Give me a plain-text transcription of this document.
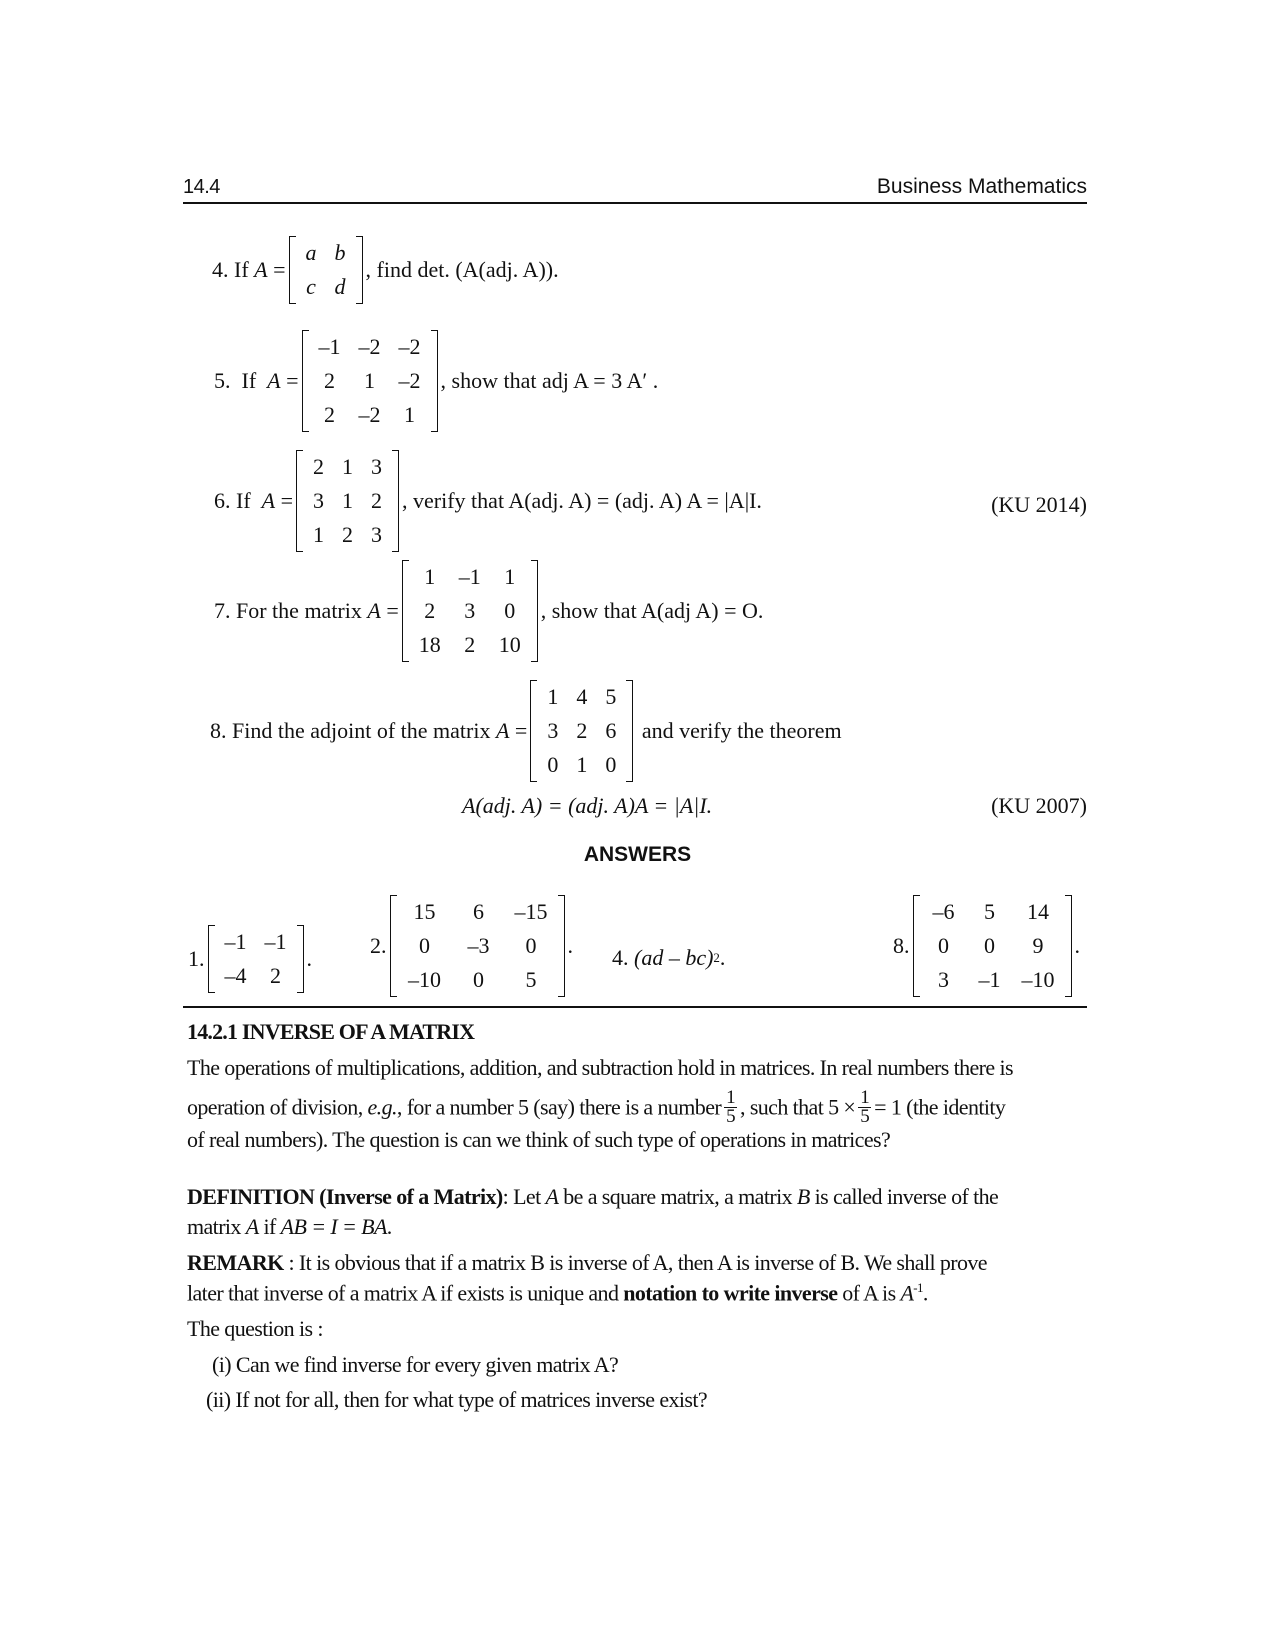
14.4	Business Mathematics
4.
If
A
=
a	b
c	d
, find det. (A(adj. A)).
5.
If
A
=
–1	–2	–2
2	1	–2
2	–2	1
, show that adj A = 3 A′ .
6.
If
A
=
2	1	3
3	1	2
1	2	3
, verify that A(adj. A) = (adj. A) A = |A|I.	(KU 2014)
7.
For the matrix
A
=
1	–1	1
2	3	0
18	2	10
, show that A(adj A) = O.
8.
Find the adjoint of the matrix
A
=
1	4	5
3	2	6
0	1	0

and verify the theorem
A(adj. A) = (adj. A)A = |A|I.	(KU 2007)
ANSWERS
1.
–1	–1
–4	2
.
2.
15	6	–15
0	–3	0
–10	0	5
. 4.
(ad – bc) 2 .	8.
–6	5	14
0	0	9
3	–1	–10
.
14.2.1 INVERSE OF A MATRIX
The operations of multiplications, addition, and subtraction hold in matrices. In real numbers there is
operation of division, e.g., for a number 5 (say) there is a number $\frac{1}{5}$ , such that $5 \times \frac{1}{5} = 1$ (the identity
of real numbers). The question is can we think of such type of operations in matrices?
DEFINITION (Inverse of a Matrix): Let A be a square matrix, a matrix B is called inverse of the
matrix A if AB = I = BA.
REMARK : It is obvious that if a matrix B is inverse of A, then A is inverse of B. We shall prove
later that inverse of a matrix A if exists is unique and notation to write inverse of A is $A^{-1}$.
The question is :
(i) Can we find inverse for every given matrix A?
(ii) If not for all, then for what type of matrices inverse exist?
